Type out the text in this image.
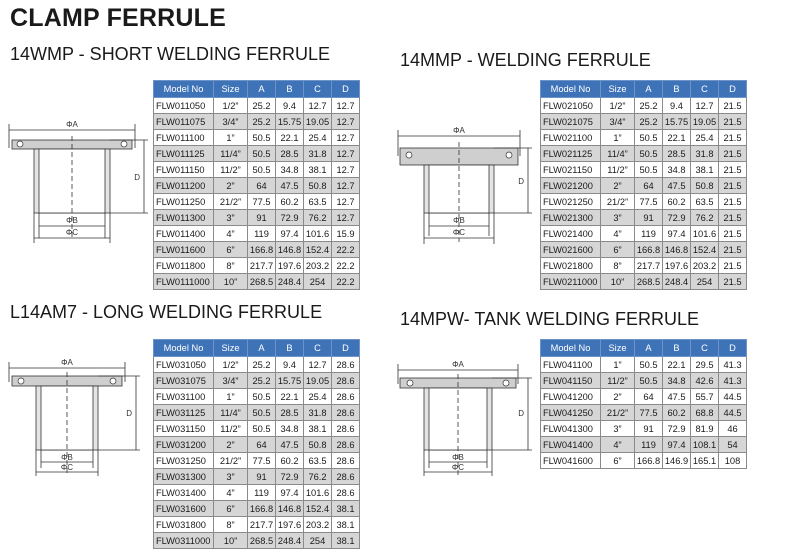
CLAMP FERRULE
14WMP - SHORT WELDING FERRULE	14MMP - WELDING FERRULE
L14AM7 - LONG WELDING FERRULE	14MPW- TANK WELDING FERRULE
ΦA
D
ΦB
ΦC
ΦA
D
ΦB
ΦC
ΦA
D
ΦB
ΦC
ΦA
D
ΦB
ΦC
Model No	Size	A	B	C	D
FLW011050	1/2”	25.2	9.4	12.7	12.7
FLW011075	3/4”	25.2	15.75	19.05	12.7
FLW011100	1”	50.5	22.1	25.4	12.7
FLW011125	11/4”	50.5	28.5	31.8	12.7
FLW011150	11/2”	50.5	34.8	38.1	12.7
FLW011200	2”	64	47.5	50.8	12.7
FLW011250	21/2”	77.5	60.2	63.5	12.7
FLW011300	3”	91	72.9	76.2	12.7
FLW011400	4”	119	97.4	101.6	15.9
FLW011600	6”	166.8	146.8	152.4	22.2
FLW011800	8”	217.7	197.6	203.2	22.2
FLW0111000	10”	268.5	248.4	254	22.2
Model No	Size	A	B	C	D
FLW021050	1/2”	25.2	9.4	12.7	21.5
FLW021075	3/4”	25.2	15.75	19.05	21.5
FLW021100	1”	50.5	22.1	25.4	21.5
FLW021125	11/4”	50.5	28.5	31.8	21.5
FLW021150	11/2”	50.5	34.8	38.1	21.5
FLW021200	2”	64	47.5	50.8	21.5
FLW021250	21/2”	77.5	60.2	63.5	21.5
FLW021300	3”	91	72.9	76.2	21.5
FLW021400	4”	119	97.4	101.6	21.5
FLW021600	6”	166.8	146.8	152.4	21.5
FLW021800	8”	217.7	197.6	203.2	21.5
FLW0211000	10”	268.5	248.4	254	21.5
Model No	Size	A	B	C	D
FLW031050	1/2”	25.2	9.4	12.7	28.6
FLW031075	3/4”	25.2	15.75	19.05	28.6
FLW031100	1”	50.5	22.1	25.4	28.6
FLW031125	11/4”	50.5	28.5	31.8	28.6
FLW031150	11/2”	50.5	34.8	38.1	28.6
FLW031200	2”	64	47.5	50.8	28.6
FLW031250	21/2”	77.5	60.2	63.5	28.6
FLW031300	3”	91	72.9	76.2	28.6
FLW031400	4”	119	97.4	101.6	28.6
FLW031600	6”	166.8	146.8	152.4	38.1
FLW031800	8”	217.7	197.6	203.2	38.1
FLW0311000	10”	268.5	248.4	254	38.1
Model No	Size	A	B	C	D
FLW041100	1”	50.5	22.1	29.5	41.3
FLW041150	11/2”	50.5	34.8	42.6	41.3
FLW041200	2”	64	47.5	55.7	44.5
FLW041250	21/2”	77.5	60.2	68.8	44.5
FLW041300	3”	91	72.9	81.9	46
FLW041400	4”	119	97.4	108.1	54
FLW041600	6”	166.8	146.9	165.1	108
